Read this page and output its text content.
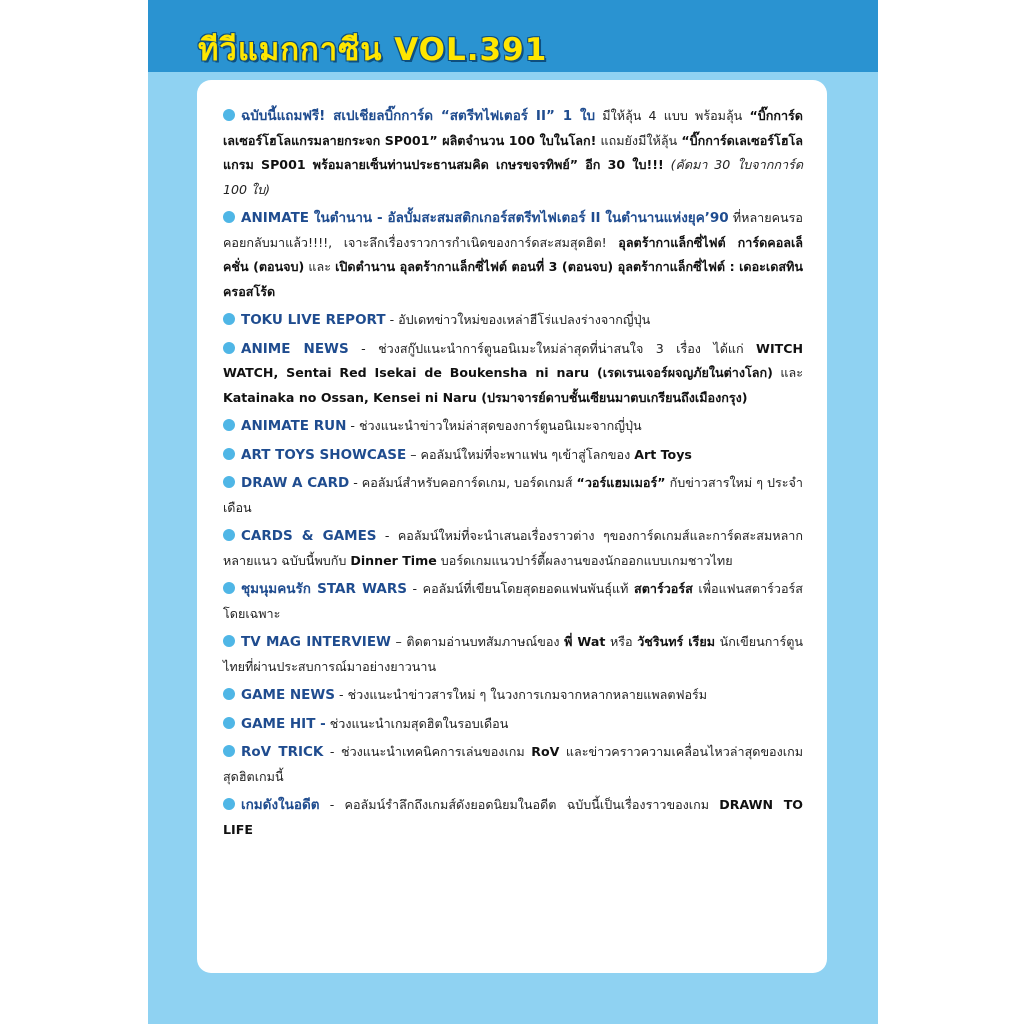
ทีวีแมกกาซีน VOL.391
ฉบับนี้แถมฟรี! สเปเชียลบิ๊กการ์ด “สตรีทไฟเตอร์ II” 1 ใบ มีให้ลุ้น 4 แบบ พร้อมลุ้น “บิ๊กการ์ดเลเซอร์โฮโลแกรมลายกระจก SP001” ผลิตจำนวน 100 ใบในโลก! แถมยังมีให้ลุ้น “บิ๊กการ์ดเลเซอร์โฮโลแกรม SP001 พร้อมลายเซ็นท่านประธานสมคิด เกษรขจรทิพย์” อีก 30 ใบ!!! (คัดมา 30 ใบจากการ์ด 100 ใบ)
ANIMATE ในตำนาน - อัลบั้มสะสมสติกเกอร์สตรีทไฟเตอร์ II ในตำนานแห่งยุค’90 ที่หลายคนรอคอยกลับมาแล้ว!!!!, เจาะลึกเรื่องราวการกำเนิดของการ์ดสะสมสุดฮิต! อุลตร้ากาแล็กซี่ไฟต์ การ์ดคอลเล็คชั่น (ตอนจบ) และ เปิดตำนาน อุลตร้ากาแล็กซี่ไฟต์ ตอนที่ 3 (ตอนจบ) อุลตร้ากาแล็กซี่ไฟต์ : เดอะเดสทินครอสโร้ด
TOKU LIVE REPORT - อัปเดทข่าวใหม่ของเหล่าฮีโร่แปลงร่างจากญี่ปุ่น
ANIME NEWS - ช่วงสกู๊ปแนะนำการ์ตูนอนิเมะใหม่ล่าสุดที่น่าสนใจ 3 เรื่อง ได้แก่ WITCH WATCH, Sentai Red Isekai de Boukensha ni naru (เรดเรนเจอร์ผจญภัยในต่างโลก) และ Katainaka no Ossan, Kensei ni Naru (ปรมาจารย์ดาบชั้นเซียนมาตบเกรียนถึงเมืองกรุง)
ANIMATE RUN - ช่วงแนะนำข่าวใหม่ล่าสุดของการ์ตูนอนิเมะจากญี่ปุ่น
ART TOYS SHOWCASE – คอลัมน์ใหม่ที่จะพาแฟน ๆเข้าสู่โลกของ Art Toys
DRAW A CARD - คอลัมน์สำหรับคอการ์ดเกม, บอร์ดเกมส์ “วอร์แฮมเมอร์” กับข่าวสารใหม่ ๆ ประจำเดือน
CARDS & GAMES - คอลัมน์ใหม่ที่จะนำเสนอเรื่องราวต่าง ๆของการ์ดเกมส์และการ์ดสะสมหลากหลายแนว ฉบับนี้พบกับ Dinner Time บอร์ดเกมแนวปาร์ตี้ผลงานของนักออกแบบเกมชาวไทย
ชุมนุมคนรัก STAR WARS - คอลัมน์ที่เขียนโดยสุดยอดแฟนพันธุ์แท้ สตาร์วอร์ส เพื่อแฟนสตาร์วอร์สโดยเฉพาะ
TV MAG INTERVIEW – ติดตามอ่านบทสัมภาษณ์ของ พี่ Wat หรือ วัชรินทร์ เรียม นักเขียนการ์ตูนไทยที่ผ่านประสบการณ์มาอย่างยาวนาน
GAME NEWS - ช่วงแนะนำข่าวสารใหม่ ๆ ในวงการเกมจากหลากหลายแพลตฟอร์ม
GAME HIT - ช่วงแนะนำเกมสุดฮิตในรอบเดือน
RoV TRICK - ช่วงแนะนำเทคนิคการเล่นของเกม RoV และข่าวคราวความเคลื่อนไหวล่าสุดของเกมสุดฮิตเกมนี้
เกมดังในอดีต - คอลัมน์รำลึกถึงเกมส์ดังยอดนิยมในอดีต ฉบับนี้เป็นเรื่องราวของเกม DRAWN TO LIFE
